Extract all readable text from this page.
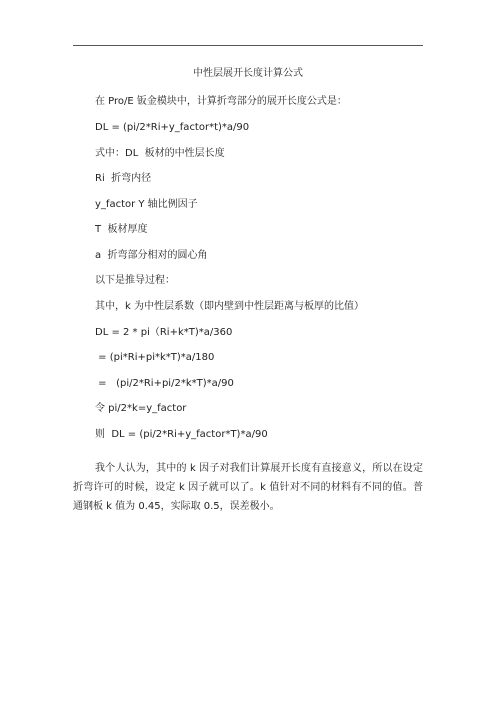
中性层展开长度计算公式
在 Pro/E 钣金模块中，计算折弯部分的展开长度公式是：
DL = (pi/2*Ri+y_factor*t)*a/90
式中：DL  板材的中性层长度
Ri  折弯内径
y_factor Y 轴比例因子
T  板材厚度
a  折弯部分相对的圆心角
以下是推导过程：
其中，k 为中性层系数（即内壁到中性层距离与板厚的比值）
DL = 2 * pi（Ri+k*T)*a/360
= (pi*Ri+pi*k*T)*a/180
=   (pi/2*Ri+pi/2*k*T)*a/90
令 pi/2*k=y_factor
则  DL = (pi/2*Ri+y_factor*T)*a/90
我个人认为，其中的 k 因子对我们计算展开长度有直接意义，所以在设定折弯许可的时候，设定 k 因子就可以了。k 值针对不同的材料有不同的值。普通钢板 k 值为 0.45，实际取 0.5，误差极小。
